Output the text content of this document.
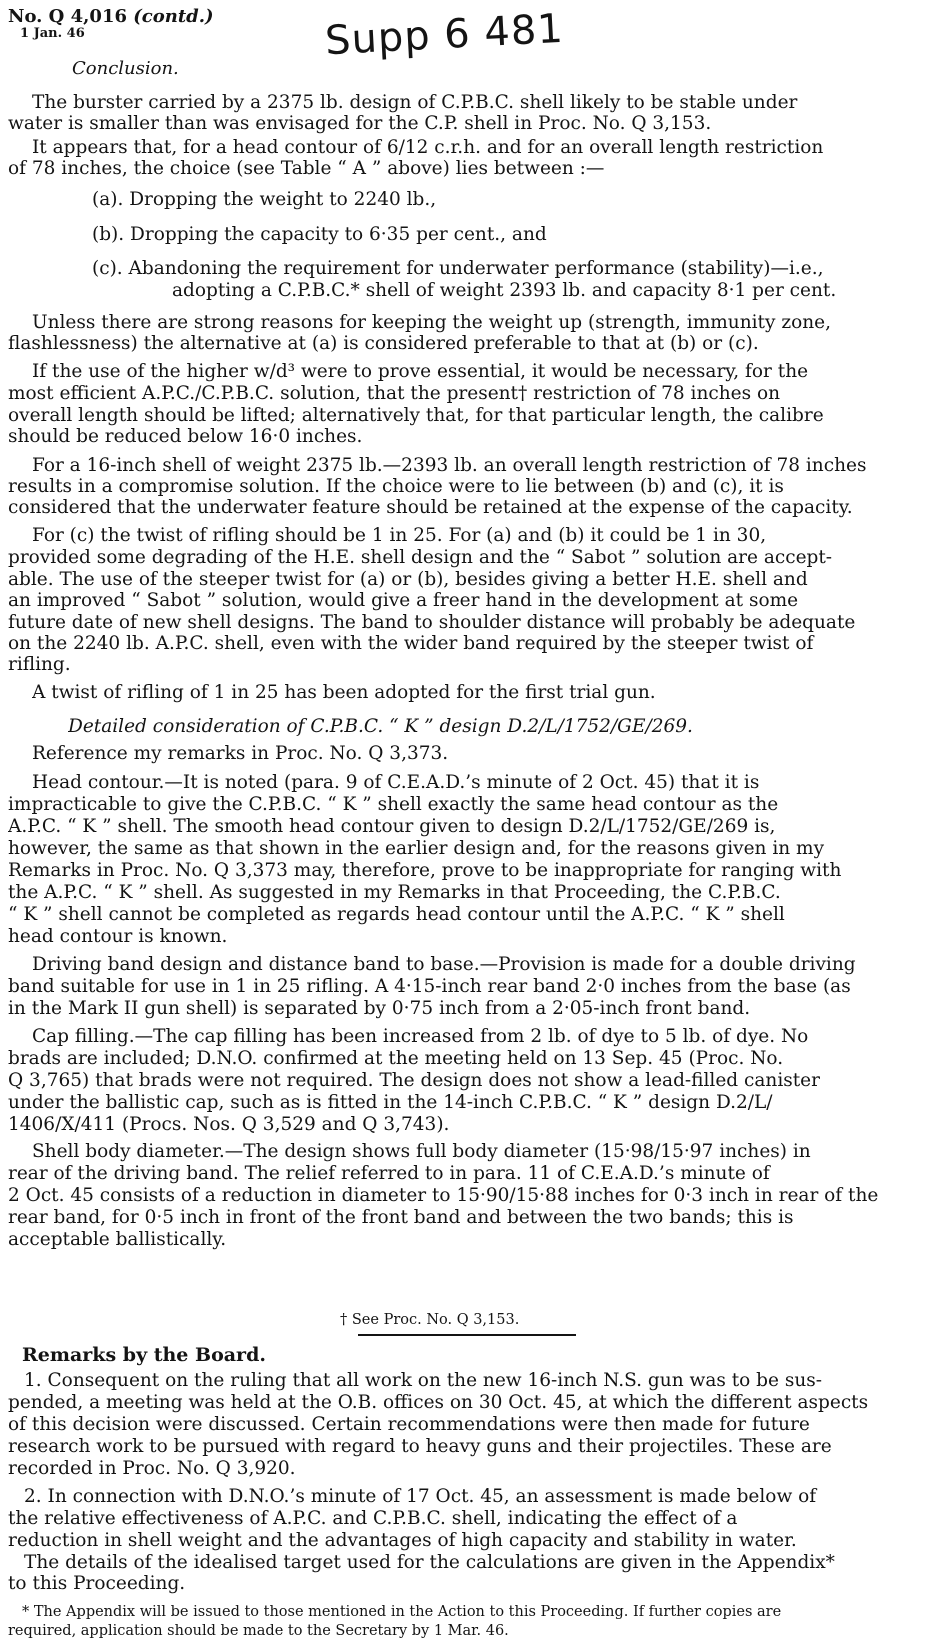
No. Q 4,016 (contd.)
1 Jan. 46	Supp 6 481
Conclusion.
The burster carried by a 2375 lb. design of C.P.B.C. shell likely to be stable under
water is smaller than was envisaged for the C.P. shell in Proc. No. Q 3,153.
It appears that, for a head contour of 6/12 c.r.h. and for an overall length restriction
of 78 inches, the choice (see Table “ A ” above) lies between :—
(a). Dropping the weight to 2240 lb.,
(b). Dropping the capacity to 6·35 per cent., and
(c). Abandoning the requirement for underwater performance (stability)—i.e.,
adopting a C.P.B.C.* shell of weight 2393 lb. and capacity 8·1 per cent.
Unless there are strong reasons for keeping the weight up (strength, immunity zone,
flashlessness) the alternative at (a) is considered preferable to that at (b) or (c).
If the use of the higher w/d³ were to prove essential, it would be necessary, for the
most efficient A.P.C./C.P.B.C. solution, that the present† restriction of 78 inches on
overall length should be lifted; alternatively that, for that particular length, the calibre
should be reduced below 16·0 inches.
For a 16-inch shell of weight 2375 lb.—2393 lb. an overall length restriction of 78 inches
results in a compromise solution. If the choice were to lie between (b) and (c), it is
considered that the underwater feature should be retained at the expense of the capacity.
For (c) the twist of rifling should be 1 in 25. For (a) and (b) it could be 1 in 30,
provided some degrading of the H.E. shell design and the “ Sabot ” solution are accept-
able. The use of the steeper twist for (a) or (b), besides giving a better H.E. shell and
an improved “ Sabot ” solution, would give a freer hand in the development at some
future date of new shell designs. The band to shoulder distance will probably be adequate
on the 2240 lb. A.P.C. shell, even with the wider band required by the steeper twist of
rifling.
A twist of rifling of 1 in 25 has been adopted for the first trial gun.
Detailed consideration of C.P.B.C. “ K ” design D.2/L/1752/GE/269.
Reference my remarks in Proc. No. Q 3,373.
Head contour.—It is noted (para. 9 of C.E.A.D.’s minute of 2 Oct. 45) that it is
impracticable to give the C.P.B.C. “ K ” shell exactly the same head contour as the
A.P.C. “ K ” shell. The smooth head contour given to design D.2/L/1752/GE/269 is,
however, the same as that shown in the earlier design and, for the reasons given in my
Remarks in Proc. No. Q 3,373 may, therefore, prove to be inappropriate for ranging with
the A.P.C. “ K ” shell. As suggested in my Remarks in that Proceeding, the C.P.B.C.
“ K ” shell cannot be completed as regards head contour until the A.P.C. “ K ” shell
head contour is known.
Driving band design and distance band to base.—Provision is made for a double driving
band suitable for use in 1 in 25 rifling. A 4·15-inch rear band 2·0 inches from the base (as
in the Mark II gun shell) is separated by 0·75 inch from a 2·05-inch front band.
Cap filling.—The cap filling has been increased from 2 lb. of dye to 5 lb. of dye. No
brads are included; D.N.O. confirmed at the meeting held on 13 Sep. 45 (Proc. No.
Q 3,765) that brads were not required. The design does not show a lead-filled canister
under the ballistic cap, such as is fitted in the 14-inch C.P.B.C. “ K ” design D.2/L/
1406/X/411 (Procs. Nos. Q 3,529 and Q 3,743).
Shell body diameter.—The design shows full body diameter (15·98/15·97 inches) in
rear of the driving band. The relief referred to in para. 11 of C.E.A.D.’s minute of
2 Oct. 45 consists of a reduction in diameter to 15·90/15·88 inches for 0·3 inch in rear of the
rear band, for 0·5 inch in front of the front band and between the two bands; this is
acceptable ballistically.
† See Proc. No. Q 3,153.
Remarks by the Board.
1. Consequent on the ruling that all work on the new 16-inch N.S. gun was to be sus-
pended, a meeting was held at the O.B. offices on 30 Oct. 45, at which the different aspects
of this decision were discussed. Certain recommendations were then made for future
research work to be pursued with regard to heavy guns and their projectiles. These are
recorded in Proc. No. Q 3,920.
2. In connection with D.N.O.’s minute of 17 Oct. 45, an assessment is made below of
the relative effectiveness of A.P.C. and C.P.B.C. shell, indicating the effect of a
reduction in shell weight and the advantages of high capacity and stability in water.
The details of the idealised target used for the calculations are given in the Appendix*
to this Proceeding.
* The Appendix will be issued to those mentioned in the Action to this Proceeding. If further copies are
required, application should be made to the Secretary by 1 Mar. 46.
